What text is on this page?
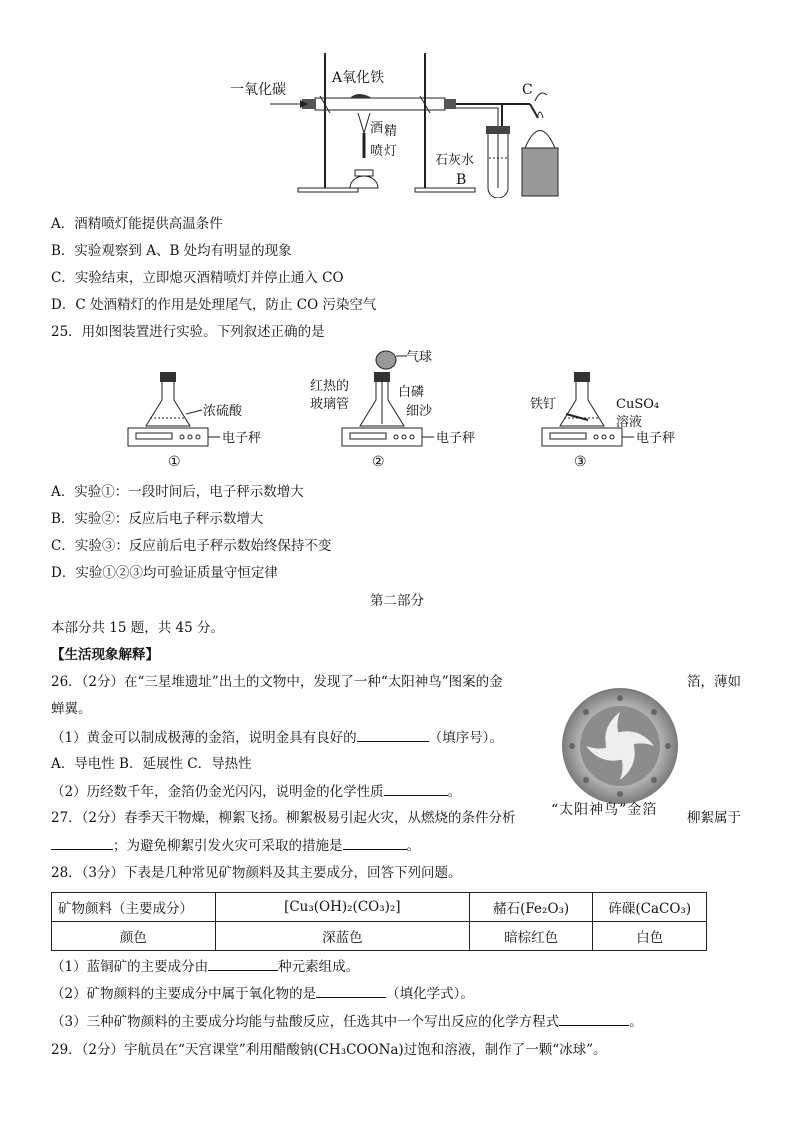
一氧化碳
A氧化铁
酒 精
喷 灯
C
石灰水
B
A．酒精喷灯能提供高温条件
B．实验观察到 A、B 处均有明显的现象
C．实验结束，立即熄灭酒精喷灯并停止通入 CO
D．C 处酒精灯的作用是处理尾气，防止 CO 污染空气
25．用如图装置进行实验。下列叙述正确的是
浓硫酸
电子秤
①
气球
红热的
玻璃管
白磷
细沙
电子秤
②
铁钉	CuSO₄
溶液
电子秤
③
A．实验①：一段时间后，电子秤示数增大
B．实验②：反应后电子秤示数增大
C．实验③：反应前后电子秤示数始终保持不变
D．实验①②③均可验证质量守恒定律
第二部分
本部分共 15 题，共 45 分。
【生活现象解释】
26．（2分）在“三星堆遗址”出土的文物中，发现了一种“太阳神鸟”图案的金	箔，薄如
蝉翼。
（1）黄金可以制成极薄的金箔，说明金具有良好的	（填序号）。
A．导电性 B．延展性 C．导热性
（2）历经数千年，金箔仍金光闪闪，说明金的化学性质	。
“太阳神鸟”金箔
27．（2分）春季天干物燥，柳絮飞扬。柳絮极易引起火灾，从燃烧的条件分析	柳絮属于
；为避免柳絮引发火灾可采取的措施是	。
28．（3分）下表是几种常见矿物颜料及其主要成分，回答下列问题。
矿物颜料（主要成分）	[Cu₃(OH)₂(CO₃)₂]	赭石(Fe₂O₃)	砗磲(CaCO₃)
颜色	深蓝色	暗棕红色	白色
（1）蓝铜矿的主要成分由	种元素组成。
（2）矿物颜料的主要成分中属于氧化物的是	（填化学式）。
（3）三种矿物颜料的主要成分均能与盐酸反应，任选其中一个写出反应的化学方程式	。
29．（2分）宇航员在“天宫课堂”利用醋酸钠(CH₃COONa)过饱和溶液，制作了一颗“冰球”。
